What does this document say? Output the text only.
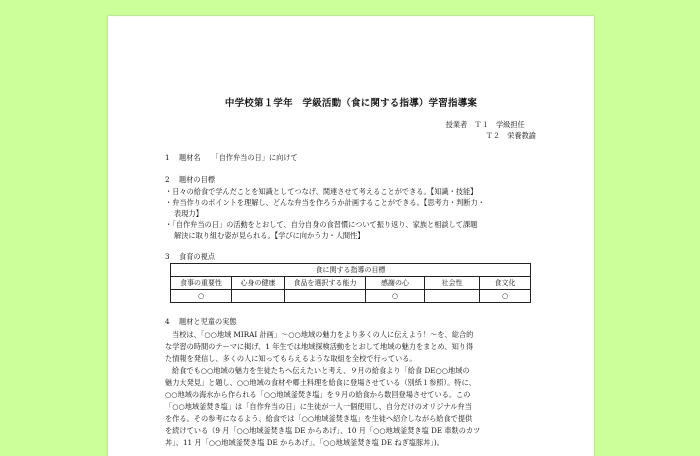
中学校第１学年　学級活動（食に関する指導）学習指導案
授業者　Ｔ１　学級担任
Ｔ２　栄養教諭
1　 題材名　　「自作弁当の日」に向けて
2　 題材の目標
・日々の給食で学んだことを知識としてつなげ、関連させて考えることができる。【知識・技能】
・弁当作りのポイントを理解し、どんな弁当を作ろうか計画することができる。【思考力・判断力・
表現力】
・「自作弁当の日」の活動をとおして、自分自身の食習慣について振り返り、家族と相談して課題
解決に取り組む姿が見られる。【学びに向かう力・人間性】
3　 食育の視点
食に関する指導の目標					
食事の重要性	心身の健康	食品を選択する能力	感謝の心	社会性	食文化
○			○		○
4　 題材と児童の実態
当校は、「○○地域 MIRAI 計画」〜○○地域の魅力をより多くの人に伝えよう！〜を、総合的
な学習の時間のテーマに掲げ、1 年生では地域探検活動をとおして地域の魅力をまとめ、知り得
た情報を発信し、多くの人に知ってもらえるような取組を全校で行っている。
給食でも○○地域の魅力を生徒たちへ伝えたいと考え、９月の給食より「給食 DE○○地域の
魅力大発見」と題し、○○地域の食材や郷土料理を給食に登場させている（別紙１参照）。特に、
○○地域の海水から作られる「○○地域釜焚き塩」を９月の給食から数回登場させている。この
「○○地域釜焚き塩」は「自作弁当の日」に生徒が一人一個使用し、自分だけのオリジナル弁当
を作る。その参考になるよう、給食では「○○地域釜焚き塩」を生徒へ紹介しながら給食で提供
を続けている（9 月「○○地域釜焚き塩 DE からあげ」、10 月「○○地域釜焚き塩 DE 車麩のカツ
丼」、11 月「○○地域釜焚き塩 DE からあげ」、「○○地域釜焚き塩 DE ねぎ塩豚丼」)。
